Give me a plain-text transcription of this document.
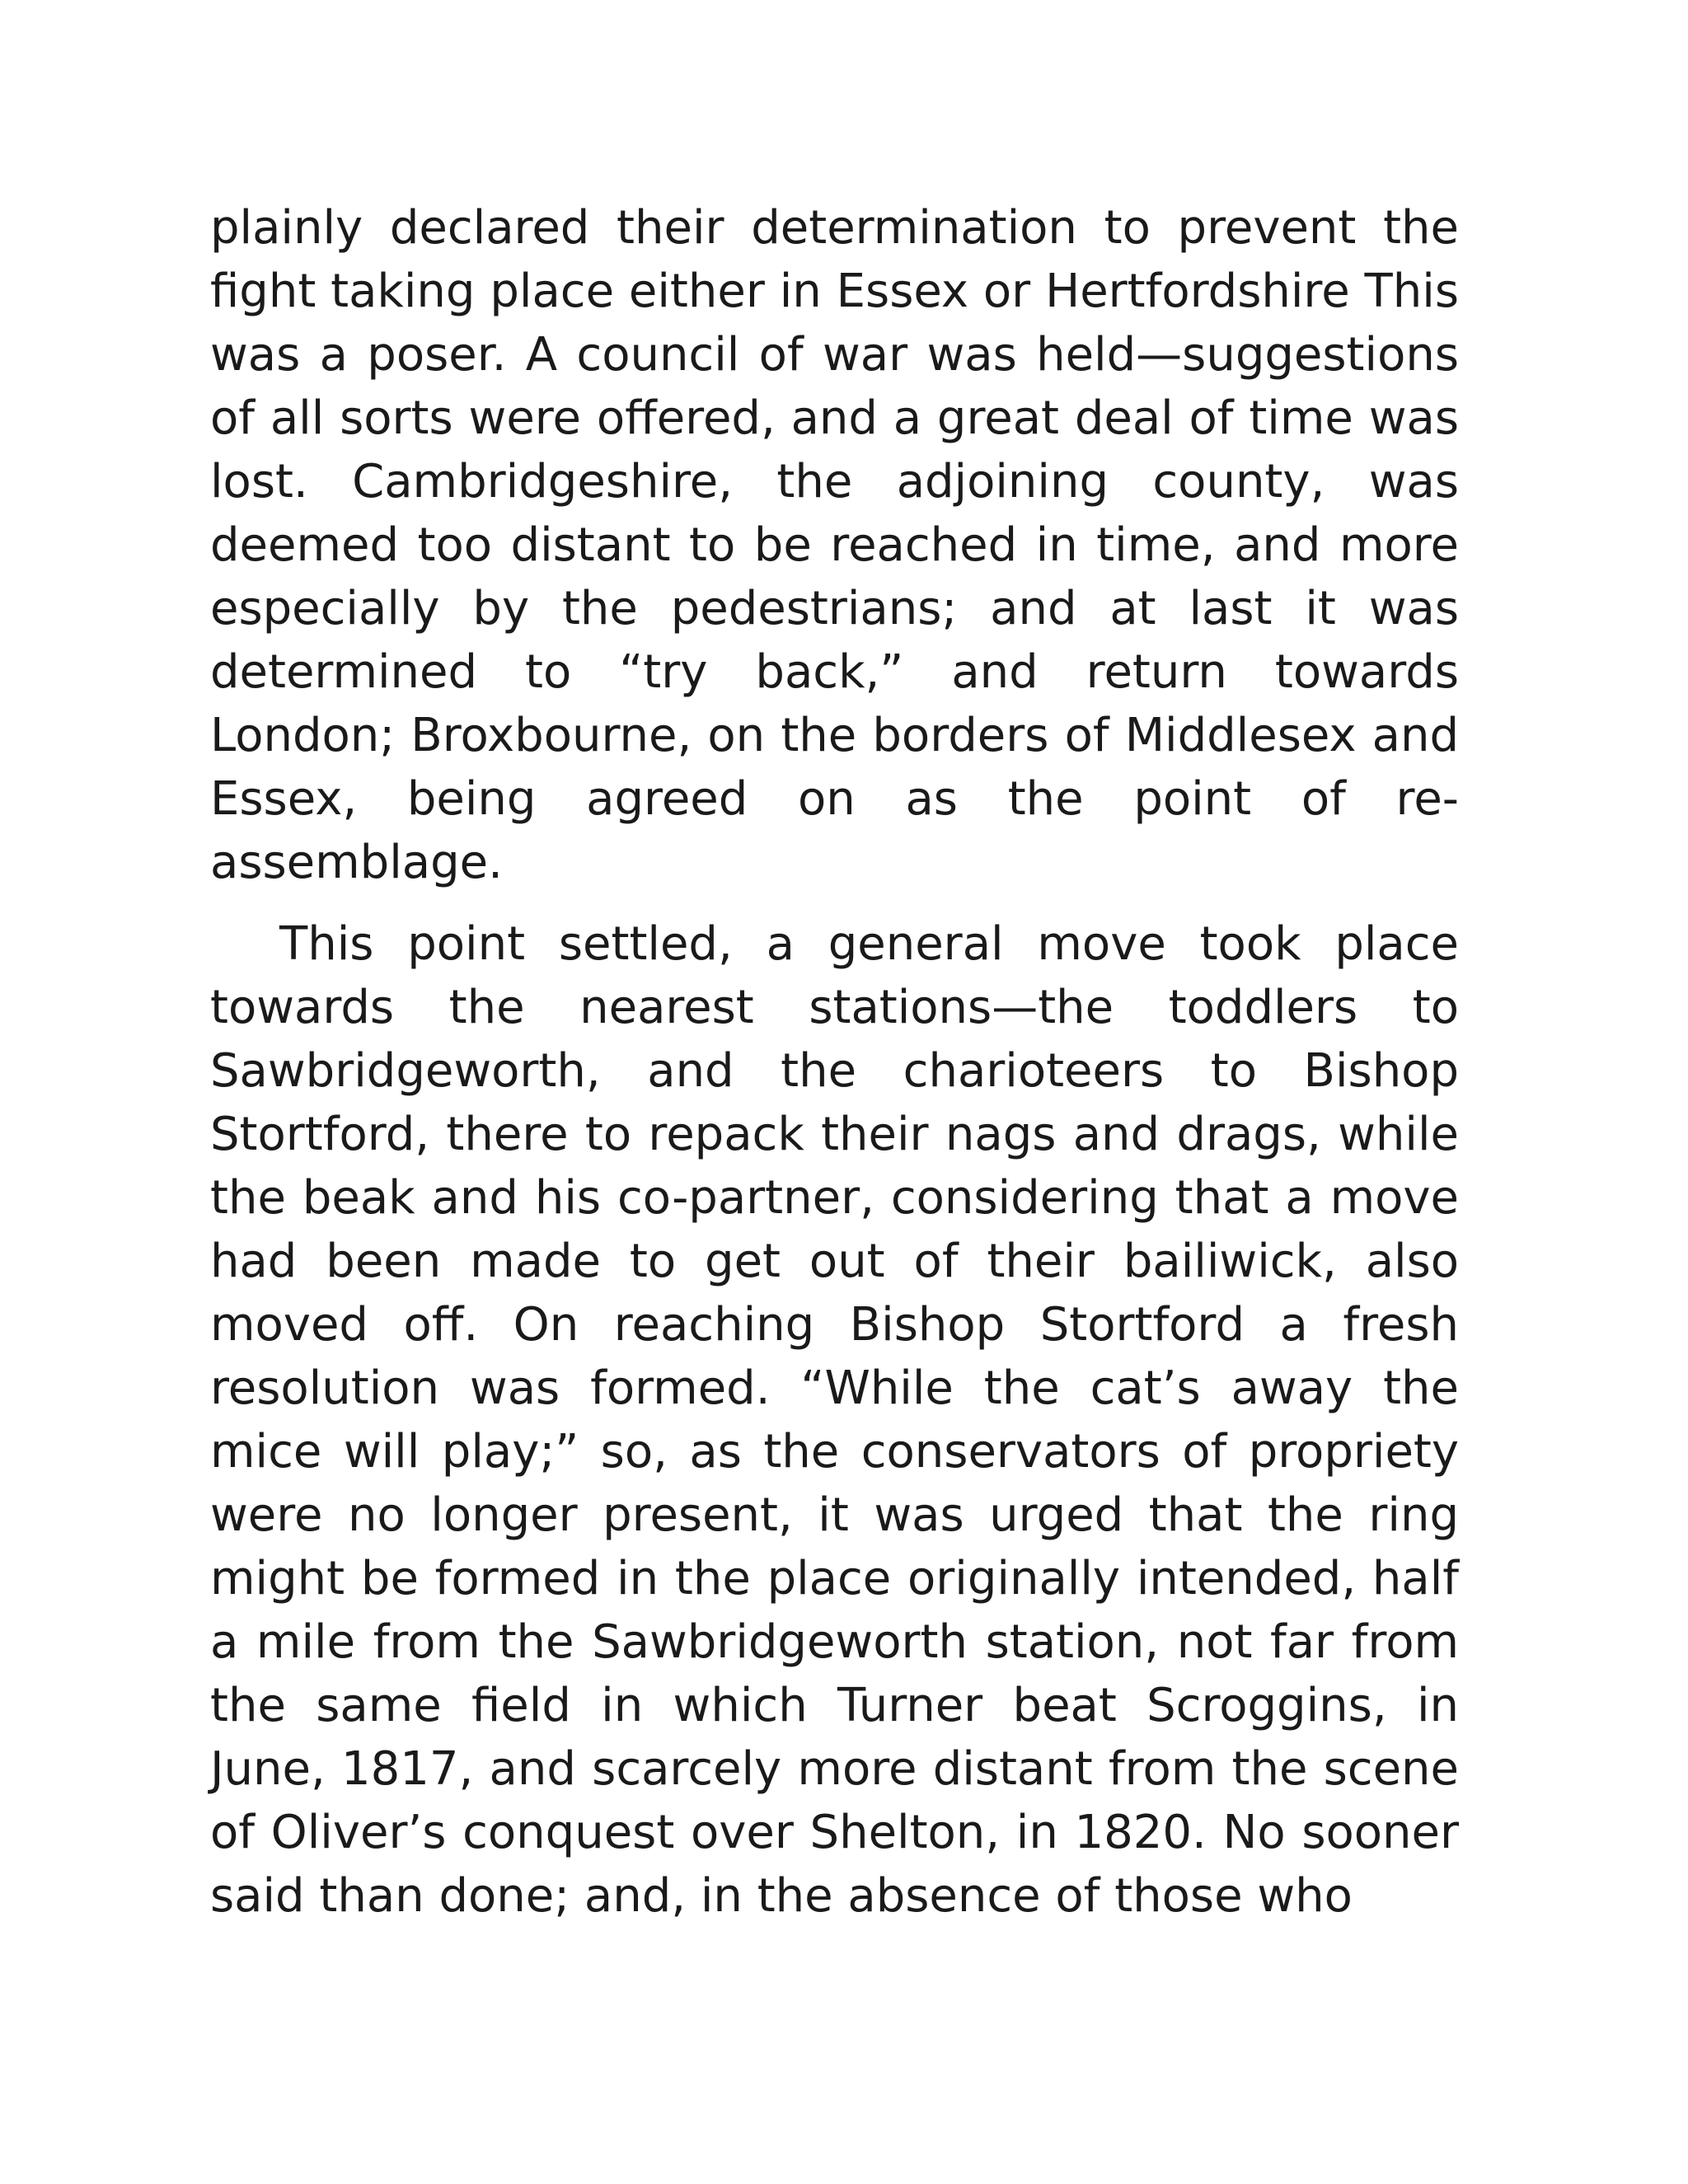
plainly declared their determination to prevent the fight taking place either in Essex or Hertfordshire This was a poser. A council of war was held—suggestions of all sorts were offered, and a great deal of time was lost. Cambridgeshire, the adjoining county, was deemed too distant to be reached in time, and more especially by the pedestrians; and at last it was determined to “try back,” and return towards London; Broxbourne, on the borders of Middlesex and Essex, being agreed on as the point of re-assemblage.

This point settled, a general move took place towards the nearest stations—the toddlers to Sawbridgeworth, and the charioteers to Bishop Stortford, there to repack their nags and drags, while the beak and his co-partner, considering that a move had been made to get out of their bailiwick, also moved off. On reaching Bishop Stortford a fresh resolution was formed. “While the cat’s away the mice will play;” so, as the conservators of propriety were no longer present, it was urged that the ring might be formed in the place originally intended, half a mile from the Sawbridgeworth station, not far from the same field in which Turner beat Scroggins, in June, 1817, and scarcely more distant from the scene of Oliver’s conquest over Shelton, in 1820. No sooner said than done; and, in the absence of those who
